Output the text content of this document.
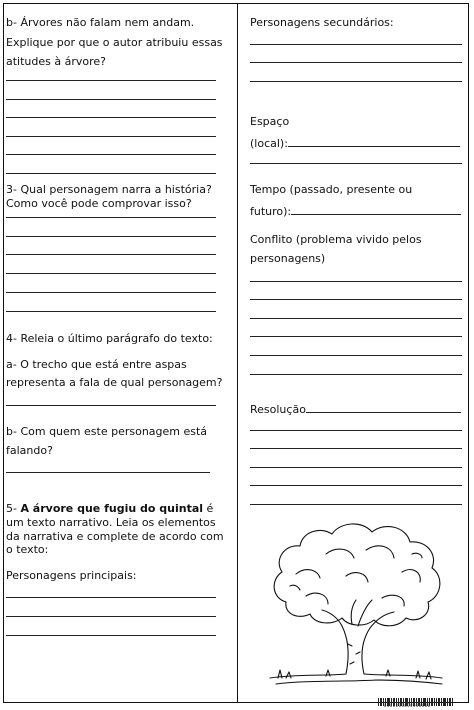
b- Árvores não falam nem andam.
Explique por que o autor atribuiu essas
atitudes à árvore?
3- Qual personagem narra a história?
Como você pode comprovar isso?
4- Releia o último parágrafo do texto:
a- O trecho que está entre aspas
representa a fala de qual personagem?
b- Com quem este personagem está
falando?
5- A árvore que fugiu do quintal é
um texto narrativo. Leia os elementos
da narrativa e complete de acordo com
o texto:
Personagens principais:
Personagens secundários:
Espaço
(local):
Tempo (passado, presente ou
futuro):
Conflito (problema vivido pelos
personagens)
Resolução
0000000000000000
